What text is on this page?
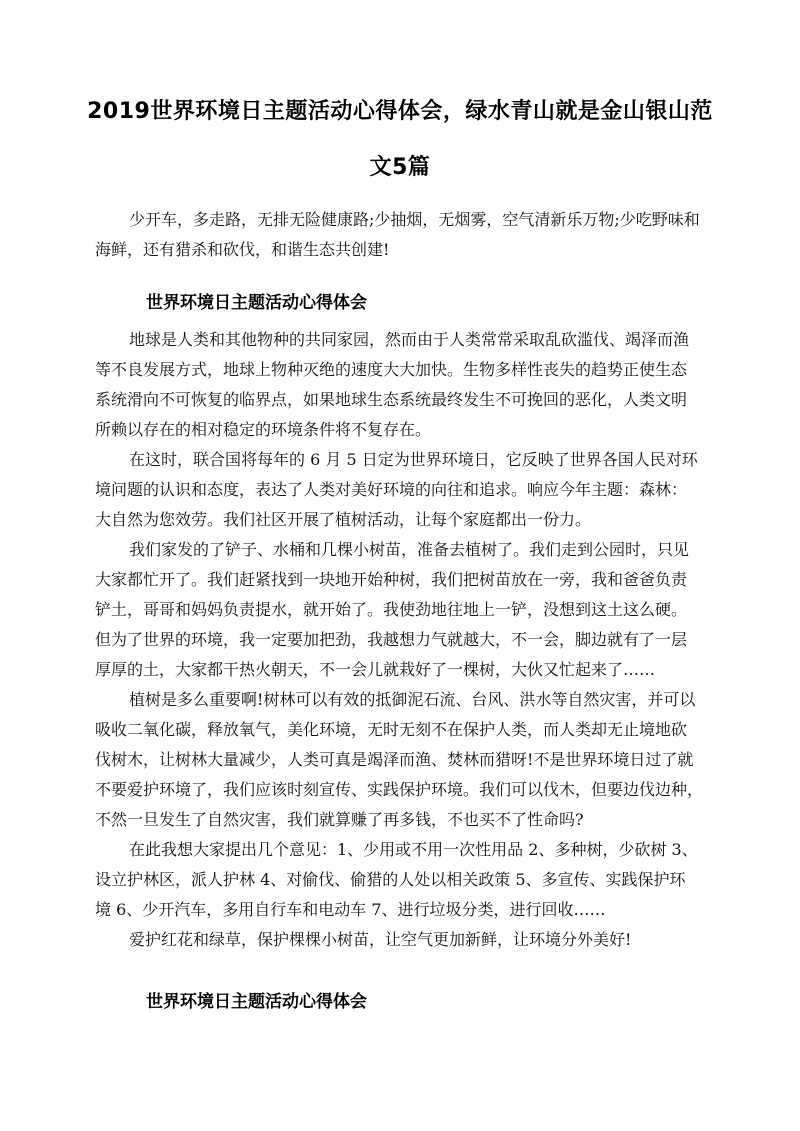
2019世界环境日主题活动心得体会，绿水青山就是金山银山范
文5篇
少开车，多走路，无排无险健康路;少抽烟，无烟雾，空气清新乐万物;少吃野味和
海鲜，还有猎杀和砍伐，和谐生态共创建!
世界环境日主题活动心得体会
地球是人类和其他物种的共同家园，然而由于人类常常采取乱砍滥伐、竭泽而渔
等不良发展方式，地球上物种灭绝的速度大大加快。生物多样性丧失的趋势正使生态
系统滑向不可恢复的临界点，如果地球生态系统最终发生不可挽回的恶化，人类文明
所赖以存在的相对稳定的环境条件将不复存在。
在这时，联合国将每年的 6 月 5 日定为世界环境日，它反映了世界各国人民对环
境问题的认识和态度，表达了人类对美好环境的向往和追求。响应今年主题：森林：
大自然为您效劳。我们社区开展了植树活动，让每个家庭都出一份力。
我们家发的了铲子、水桶和几棵小树苗，准备去植树了。我们走到公园时，只见
大家都忙开了。我们赶紧找到一块地开始种树，我们把树苗放在一旁，我和爸爸负责
铲土，哥哥和妈妈负责提水，就开始了。我使劲地往地上一铲，没想到这土这么硬。
但为了世界的环境，我一定要加把劲，我越想力气就越大，不一会，脚边就有了一层
厚厚的土，大家都干热火朝天，不一会儿就栽好了一棵树，大伙又忙起来了……
植树是多么重要啊!树林可以有效的抵御泥石流、台风、洪水等自然灾害，并可以
吸收二氧化碳，释放氧气，美化环境，无时无刻不在保护人类，而人类却无止境地砍
伐树木，让树林大量减少，人类可真是竭泽而渔、焚林而猎呀!不是世界环境日过了就
不要爱护环境了，我们应该时刻宣传、实践保护环境。我们可以伐木，但要边伐边种，
不然一旦发生了自然灾害，我们就算赚了再多钱，不也买不了性命吗?
在此我想大家提出几个意见：1、少用或不用一次性用品 2、多种树，少砍树 3、
设立护林区，派人护林 4、对偷伐、偷猎的人处以相关政策 5、多宣传、实践保护环
境 6、少开汽车，多用自行车和电动车 7、进行垃圾分类，进行回收……
爱护红花和绿草，保护棵棵小树苗，让空气更加新鲜，让环境分外美好!
世界环境日主题活动心得体会
